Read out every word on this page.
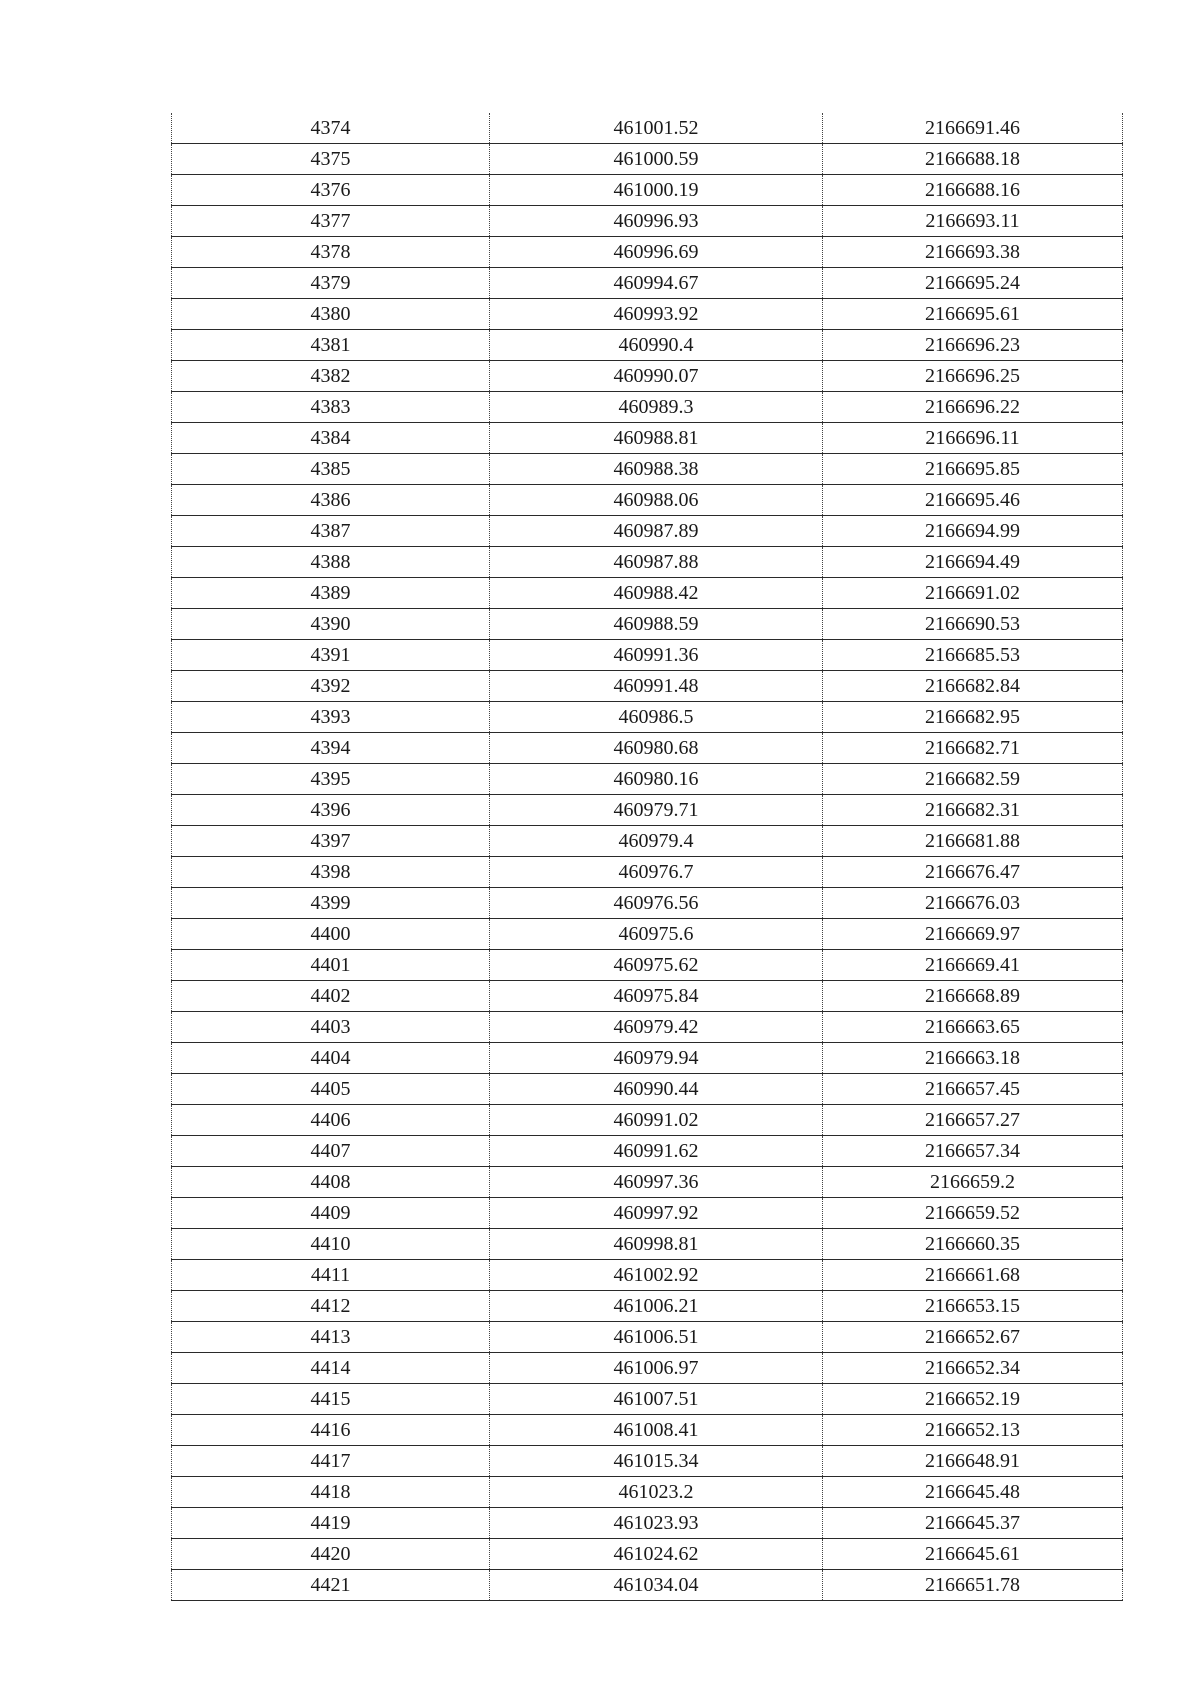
4374	461001.52	2166691.46
4375	461000.59	2166688.18
4376	461000.19	2166688.16
4377	460996.93	2166693.11
4378	460996.69	2166693.38
4379	460994.67	2166695.24
4380	460993.92	2166695.61
4381	460990.4	2166696.23
4382	460990.07	2166696.25
4383	460989.3	2166696.22
4384	460988.81	2166696.11
4385	460988.38	2166695.85
4386	460988.06	2166695.46
4387	460987.89	2166694.99
4388	460987.88	2166694.49
4389	460988.42	2166691.02
4390	460988.59	2166690.53
4391	460991.36	2166685.53
4392	460991.48	2166682.84
4393	460986.5	2166682.95
4394	460980.68	2166682.71
4395	460980.16	2166682.59
4396	460979.71	2166682.31
4397	460979.4	2166681.88
4398	460976.7	2166676.47
4399	460976.56	2166676.03
4400	460975.6	2166669.97
4401	460975.62	2166669.41
4402	460975.84	2166668.89
4403	460979.42	2166663.65
4404	460979.94	2166663.18
4405	460990.44	2166657.45
4406	460991.02	2166657.27
4407	460991.62	2166657.34
4408	460997.36	2166659.2
4409	460997.92	2166659.52
4410	460998.81	2166660.35
4411	461002.92	2166661.68
4412	461006.21	2166653.15
4413	461006.51	2166652.67
4414	461006.97	2166652.34
4415	461007.51	2166652.19
4416	461008.41	2166652.13
4417	461015.34	2166648.91
4418	461023.2	2166645.48
4419	461023.93	2166645.37
4420	461024.62	2166645.61
4421	461034.04	2166651.78
